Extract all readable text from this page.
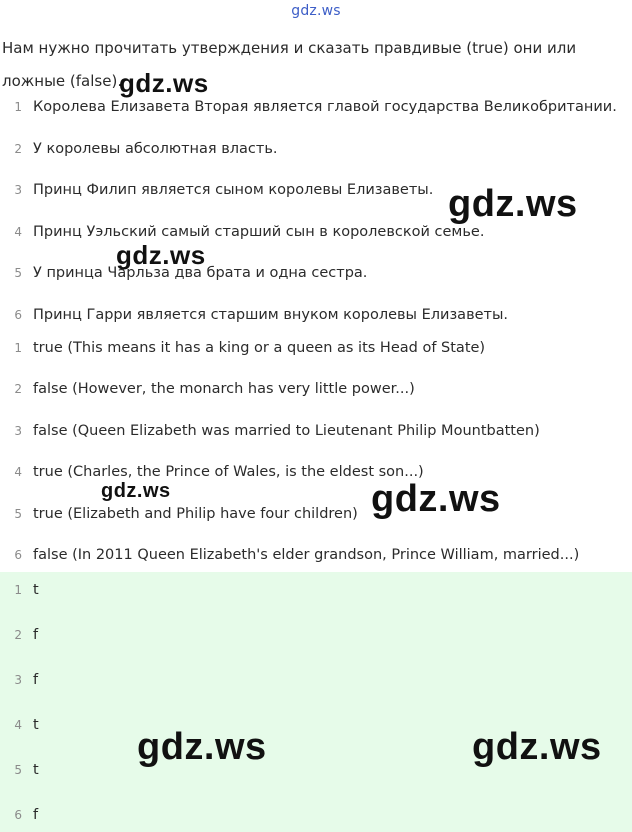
gdz.ws
Нам нужно прочитать утверждения и сказать правдивые (true) они или ложные (false).
1 Королева Елизавета Вторая является главой государства Великобритании.
2 У королевы абсолютная власть.
3 Принц Филип является сыном королевы Елизаветы.
4 Принц Уэльский самый старший сын в королевской семье.
5 У принца Чарльза два брата и одна сестра.
6 Принц Гарри является старшим внуком королевы Елизаветы.
1 true (This means it has a king or a queen as its Head of State)
2 false (However, the monarch has very little power...)
3 false (Queen Elizabeth was married to Lieutenant Philip Mountbatten)
4 true (Charles, the Prince of Wales, is the eldest son...)
5 true (Elizabeth and Philip have four children)
6 false (In 2011 Queen Elizabeth's elder grandson, Prince William, married...)
1 t
2 f
3 f
4 t
5 t
6 f
gdz.ws
gdz.ws
gdz.ws
gdz.ws	gdz.ws
gdz.ws	gdz.ws
